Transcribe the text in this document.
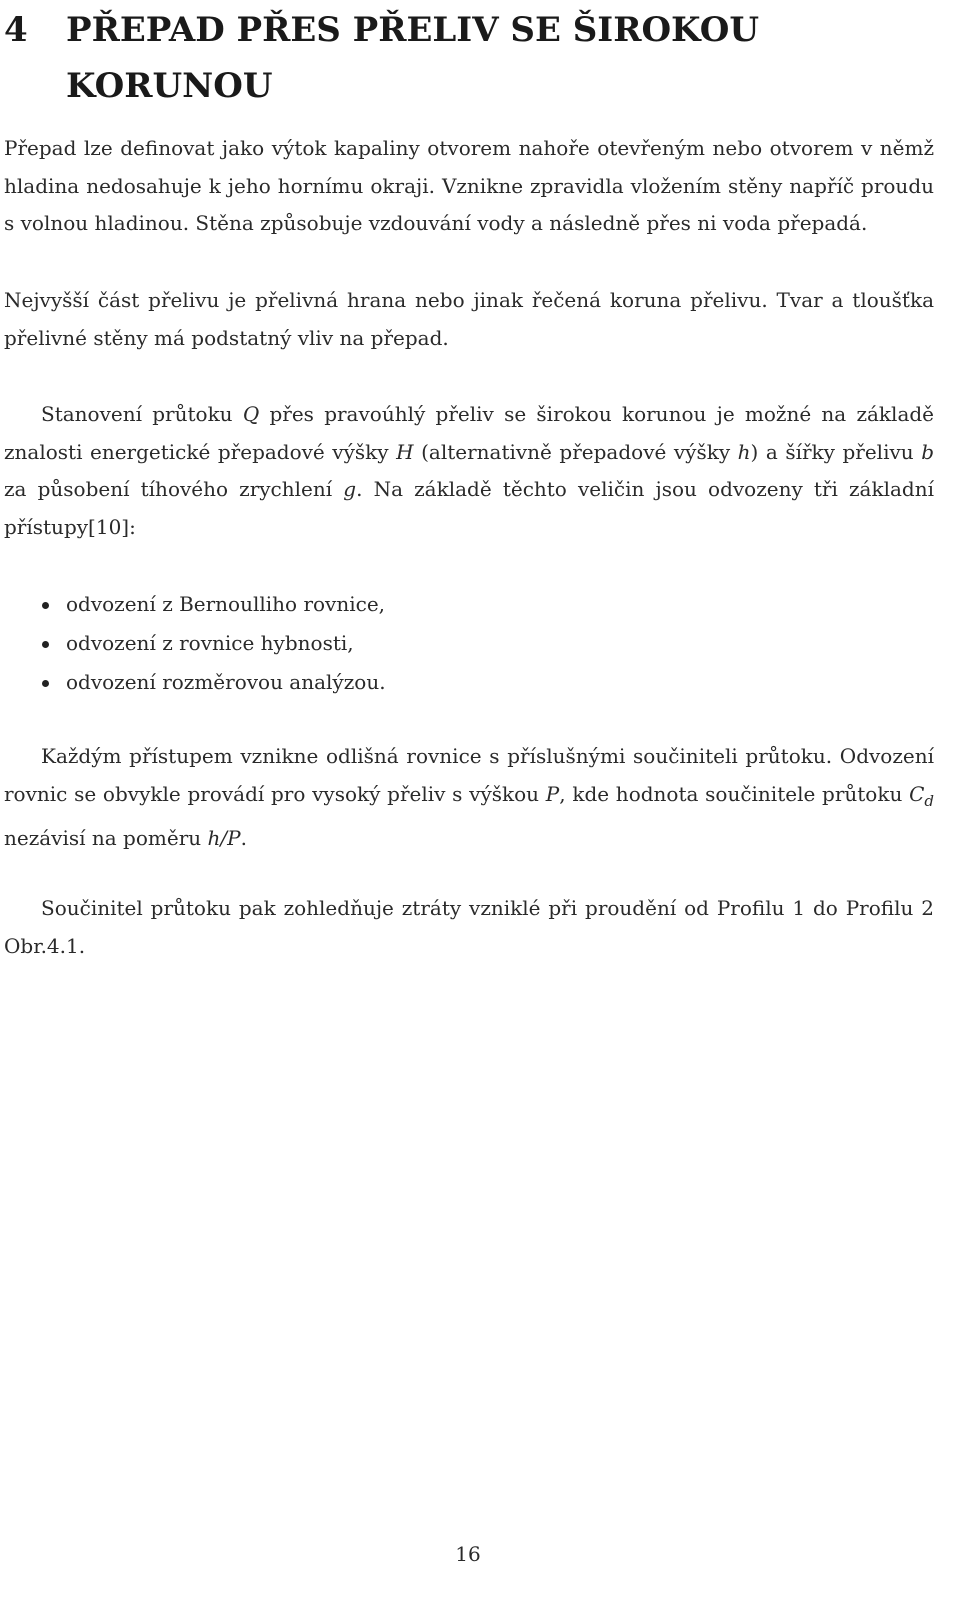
4 PŘEPAD PŘES PŘELIV SE ŠIROKOU KORUNOU

Přepad lze definovat jako výtok kapaliny otvorem nahoře otevřeným nebo otvorem v němž hladina nedosahuje k jeho hornímu okraji. Vznikne zpravidla vložením stěny napříč proudu s volnou hladinou. Stěna způsobuje vzdouvání vody a následně přes ni voda přepadá.

Nejvyšší část přelivu je přelivná hrana nebo jinak řečená koruna přelivu. Tvar a tloušťka přelivné stěny má podstatný vliv na přepad.

Stanovení průtoku Q přes pravoúhlý přeliv se širokou korunou je možné na základě znalosti energetické přepadové výšky H (alternativně přepadové výšky h) a šířky přelivu b za působení tíhového zrychlení g. Na základě těchto veličin jsou odvozeny tři základní přístupy[10]:

odvození z Bernoulliho rovnice,
odvození z rovnice hybnosti,
odvození rozměrovou analýzou.

Každým přístupem vznikne odlišná rovnice s příslušnými součiniteli průtoku. Odvození rovnic se obvykle provádí pro vysoký přeliv s výškou P, kde hodnota součinitele průtoku $C_d$ nezávisí na poměru h/P.

Součinitel průtoku pak zohledňuje ztráty vzniklé při proudění od Profilu 1 do Profilu 2 Obr.4.1.

16
